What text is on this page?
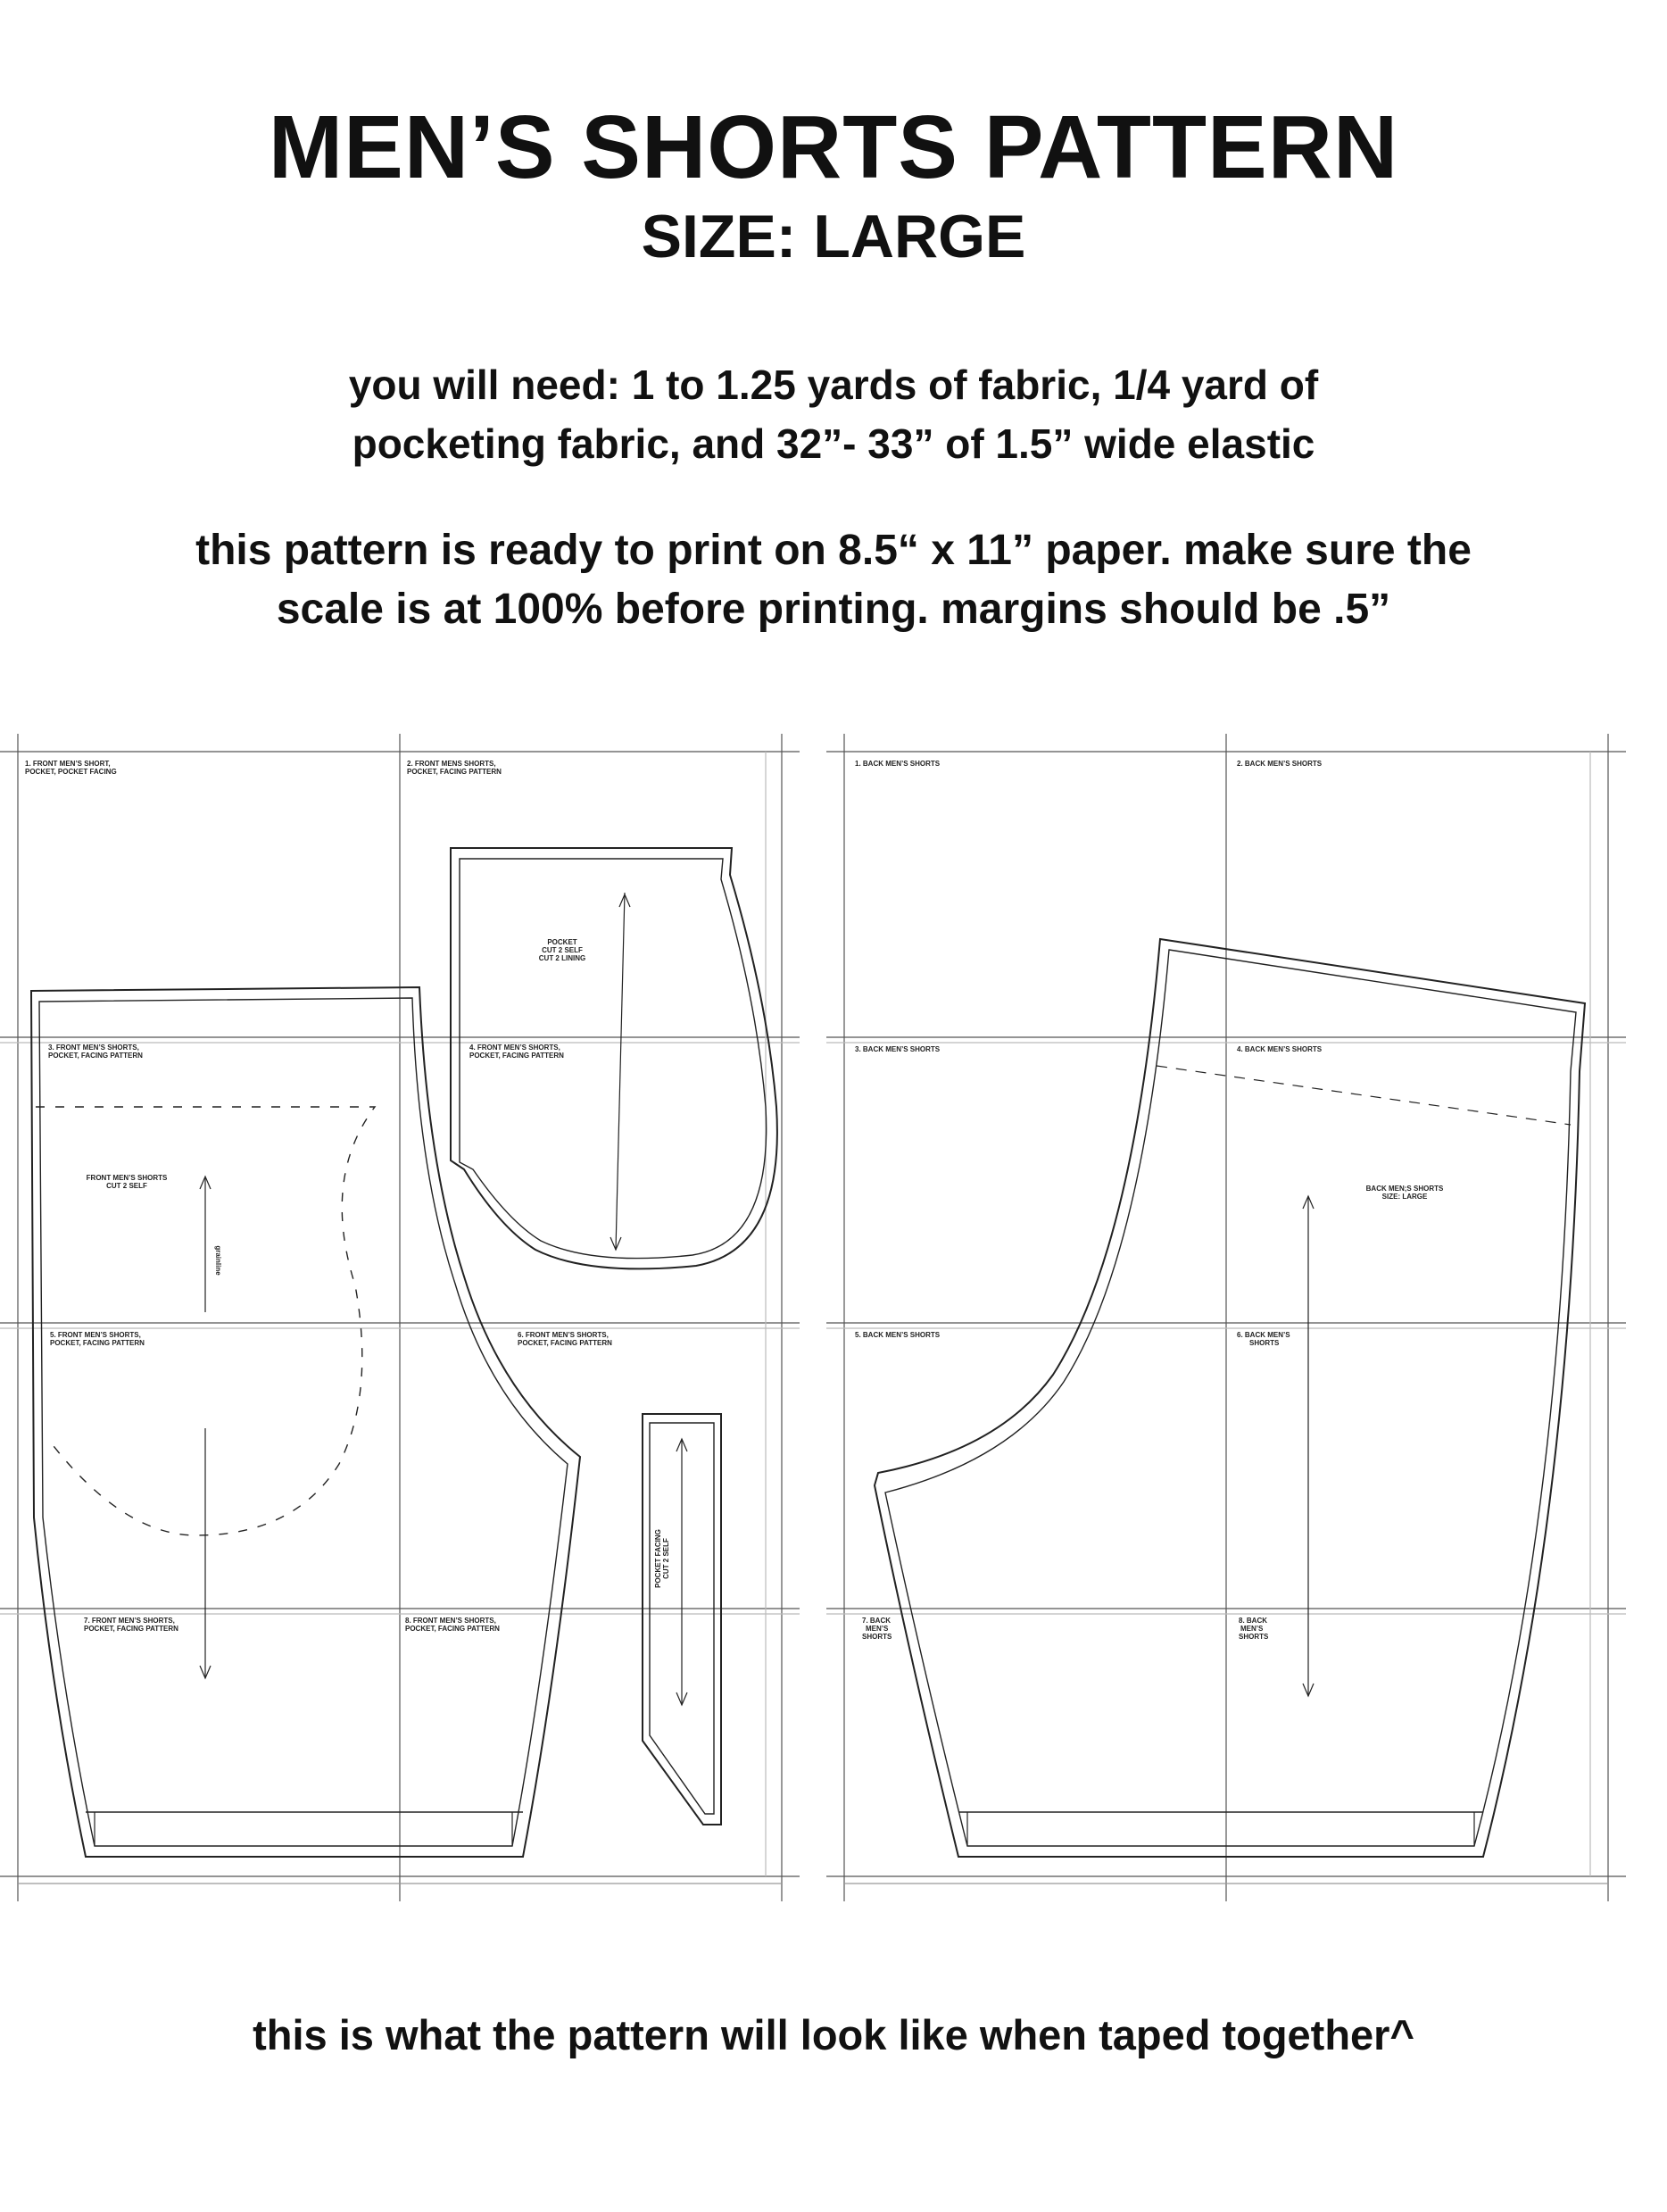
MEN’S SHORTS PATTERN
SIZE: LARGE
you will need: 1 to 1.25 yards of fabric, 1/4 yard of
pocketing fabric, and 32”- 33” of 1.5” wide elastic
this pattern is ready to print on 8.5“ x 11” paper. make sure the
scale is at 100% before printing. margins should be .5”
1. FRONT MEN’S SHORT, POCKET, POCKET FACING
2. FRONT MENS SHORTS, POCKET, FACING PATTERN
3. FRONT MEN’S SHORTS, POCKET, FACING PATTERN
4. FRONT MEN’S SHORTS, POCKET, FACING PATTERN
5. FRONT MEN’S SHORTS, POCKET, FACING PATTERN
6. FRONT MEN’S SHORTS, POCKET, FACING PATTERN
7. FRONT MEN’S SHORTS, POCKET, FACING PATTERN
8. FRONT MEN’S SHORTS, POCKET, FACING PATTERN
POCKET CUT 2 SELF CUT 2 LINING
FRONT MEN’S SHORTS CUT 2 SELF
grainline
POCKET FACINGCUT 2 SELF
1. BACK MEN’S SHORTS	2. BACK MEN’S SHORTS
3. BACK MEN’S SHORTS	4. BACK MEN’S SHORTS
5. BACK MEN’S SHORTS	6. BACK MEN’S SHORTS
7. BACK MEN’S SHORTS
8. BACK MEN’S SHORTS
BACK MEN;S SHORTS SIZE: LARGE
this is what the pattern will look like when taped together^
